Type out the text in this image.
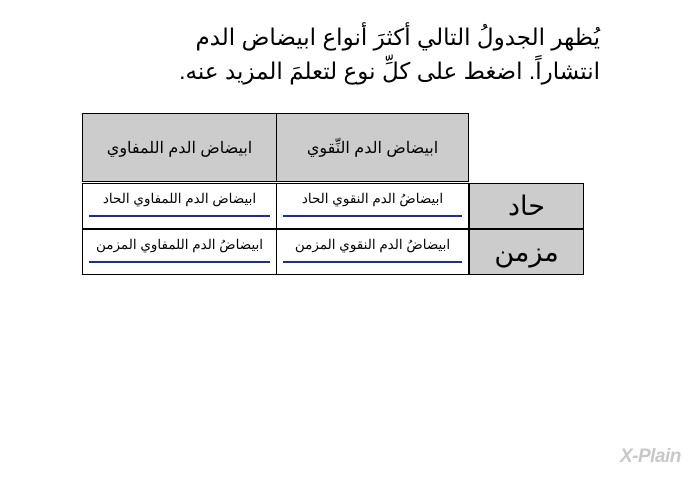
يُظهر الجدولُ التالي أكثرَ أنواع ابيضاض الدم
انتشاراً. اضغط على كلِّ نوع لتعلمَ المزيد عنه.
ابيضاض الدم النِّقوي
ابيضاض الدم اللمفاوي
حاد
ابيضاضُ الدم النقوي الحاد
ابيضاض الدم اللمفاوي الحاد
مزمن
ابيضاضُ الدم النقوي المزمن
ابيضاضُ الدم اللمفاوي المزمن
X-Plain
